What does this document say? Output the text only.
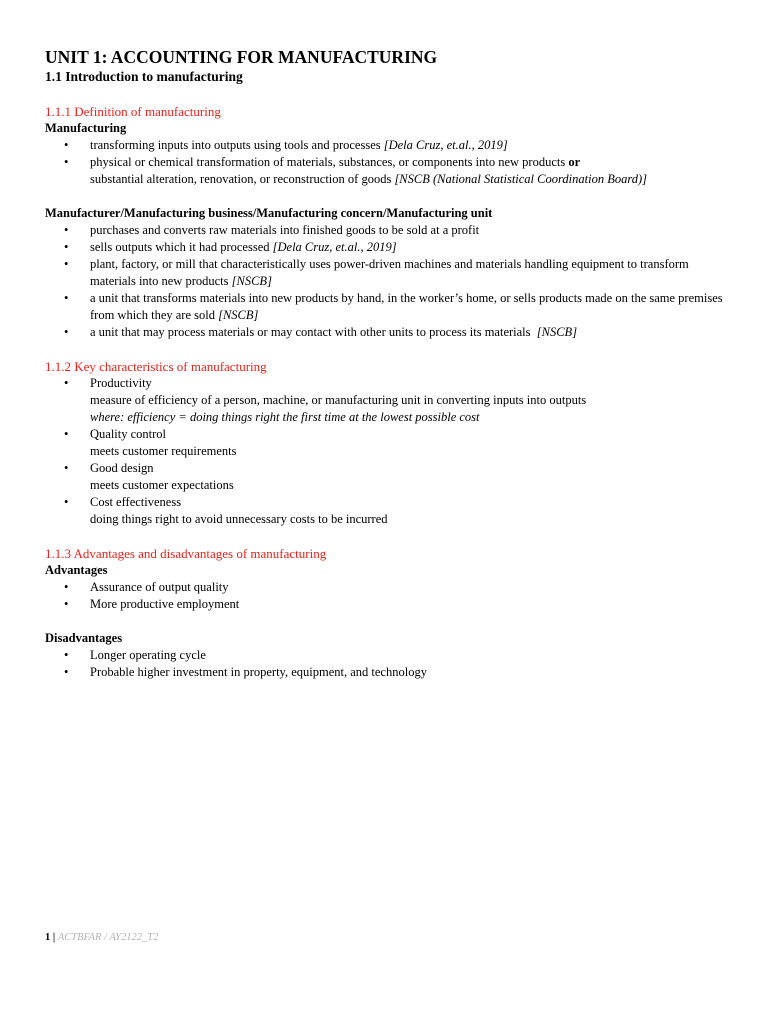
UNIT 1: ACCOUNTING FOR MANUFACTURING
1.1 Introduction to manufacturing

1.1.1 Definition of manufacturing

Manufacturing

• transforming inputs into outputs using tools and processes [Dela Cruz, et.al., 2019]
• physical or chemical transformation of materials, substances, or components into new products or
substantial alteration, renovation, or reconstruction of goods [NSCB (National Statistical Coordination Board)]

Manufacturer/Manufacturing business/Manufacturing concern/Manufacturing unit

• purchases and converts raw materials into finished goods to be sold at a profit
• sells outputs which it had processed [Dela Cruz, et.al., 2019]
• plant, factory, or mill that characteristically uses power-driven machines and materials handling equipment to transform materials into new products [NSCB]
• a unit that transforms materials into new products by hand, in the worker’s home, or sells products made on the same premises from which they are sold [NSCB]
• a unit that may process materials or may contact with other units to process its materials  [NSCB]

1.1.2 Key characteristics of manufacturing

• Productivity
measure of efficiency of a person, machine, or manufacturing unit in converting inputs into outputs
where: efficiency = doing things right the first time at the lowest possible cost
• Quality control
meets customer requirements
• Good design
meets customer expectations
• Cost effectiveness
doing things right to avoid unnecessary costs to be incurred

1.1.3 Advantages and disadvantages of manufacturing

Advantages

• Assurance of output quality
• More productive employment

Disadvantages

• Longer operating cycle
• Probable higher investment in property, equipment, and technology
1 | ACTBFAR / AY2122_T2
